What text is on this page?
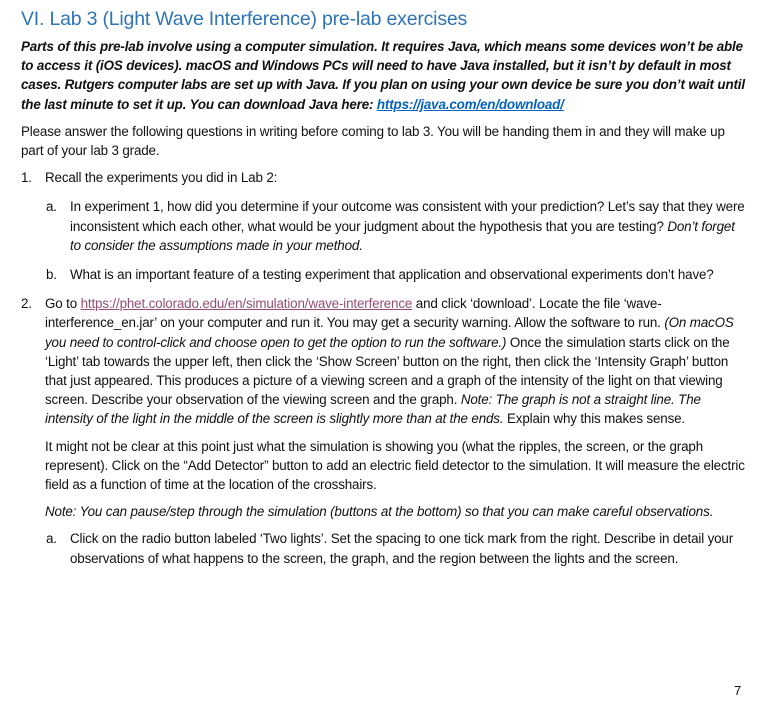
VI. Lab 3 (Light Wave Interference) pre-lab exercises

Parts of this pre-lab involve using a computer simulation. It requires Java, which means some devices won’t be able to access it (iOS devices). macOS and Windows PCs will need to have Java installed, but it isn’t by default in most cases. Rutgers computer labs are set up with Java. If you plan on using your own device be sure you don’t wait until the last minute to set it up. You can download Java here: https://java.com/en/download/

Please answer the following questions in writing before coming to lab 3. You will be handing them in and they will make up part of your lab 3 grade.

1. Recall the experiments you did in Lab 2:
a. In experiment 1, how did you determine if your outcome was consistent with your prediction? Let’s say that they were inconsistent which each other, what would be your judgment about the hypothesis that you are testing? Don’t forget to consider the assumptions made in your method.
b. What is an important feature of a testing experiment that application and observational experiments don’t have?
2. Go to https://phet.colorado.edu/en/simulation/wave-interference and click ‘download’. Locate the file ‘wave-interference_en.jar’ on your computer and run it. You may get a security warning. Allow the software to run. (On macOS you need to control-click and choose open to get the option to run the software.) Once the simulation starts click on the ‘Light’ tab towards the upper left, then click the ‘Show Screen’ button on the right, then click the ‘Intensity Graph’ button that just appeared. This produces a picture of a viewing screen and a graph of the intensity of the light on that viewing screen. Describe your observation of the viewing screen and the graph. Note: The graph is not a straight line. The intensity of the light in the middle of the screen is slightly more than at the ends. Explain why this makes sense.

It might not be clear at this point just what the simulation is showing you (what the ripples, the screen, or the graph represent). Click on the “Add Detector” button to add an electric field detector to the simulation. It will measure the electric field as a function of time at the location of the crosshairs.

Note: You can pause/step through the simulation (buttons at the bottom) so that you can make careful observations.

a. Click on the radio button labeled ‘Two lights’. Set the spacing to one tick mark from the right. Describe in detail your observations of what happens to the screen, the graph, and the region between the lights and the screen.
7
